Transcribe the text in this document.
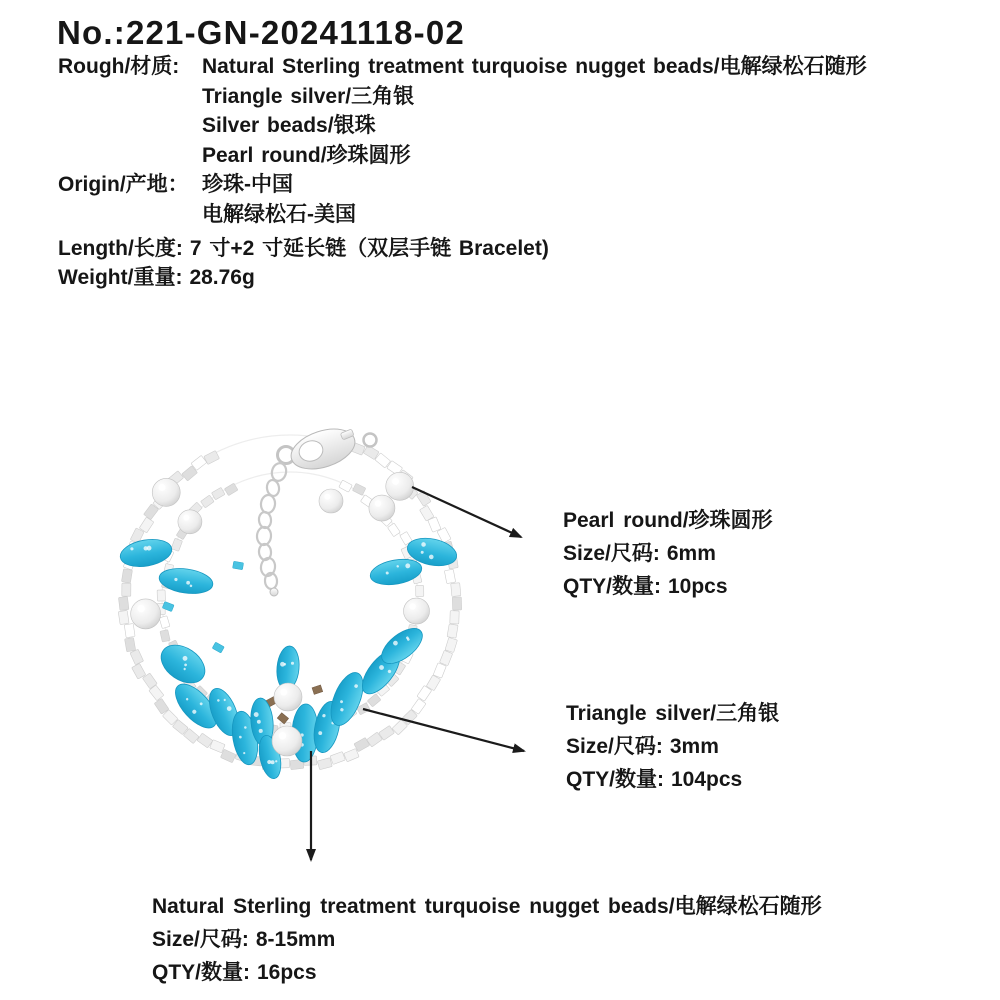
No.:221-GN-20241118-02
Rough/材质: Natural Sterling treatment turquoise nugget beads/电解绿松石随形
Triangle silver/三角银
Silver beads/银珠
Pearl round/珍珠圆形
Origin/产地： 珍珠-中国
电解绿松石-美国
Length/长度: 7 寸+2 寸延长链（双层手链 Bracelet)
Weight/重量: 28.76g
Pearl round/珍珠圆形
Size/尺码: 6mm
QTY/数量: 10pcs
Triangle silver/三角银
Size/尺码: 3mm
QTY/数量: 104pcs
Natural Sterling treatment turquoise nugget beads/电解绿松石随形
Size/尺码: 8-15mm
QTY/数量: 16pcs
